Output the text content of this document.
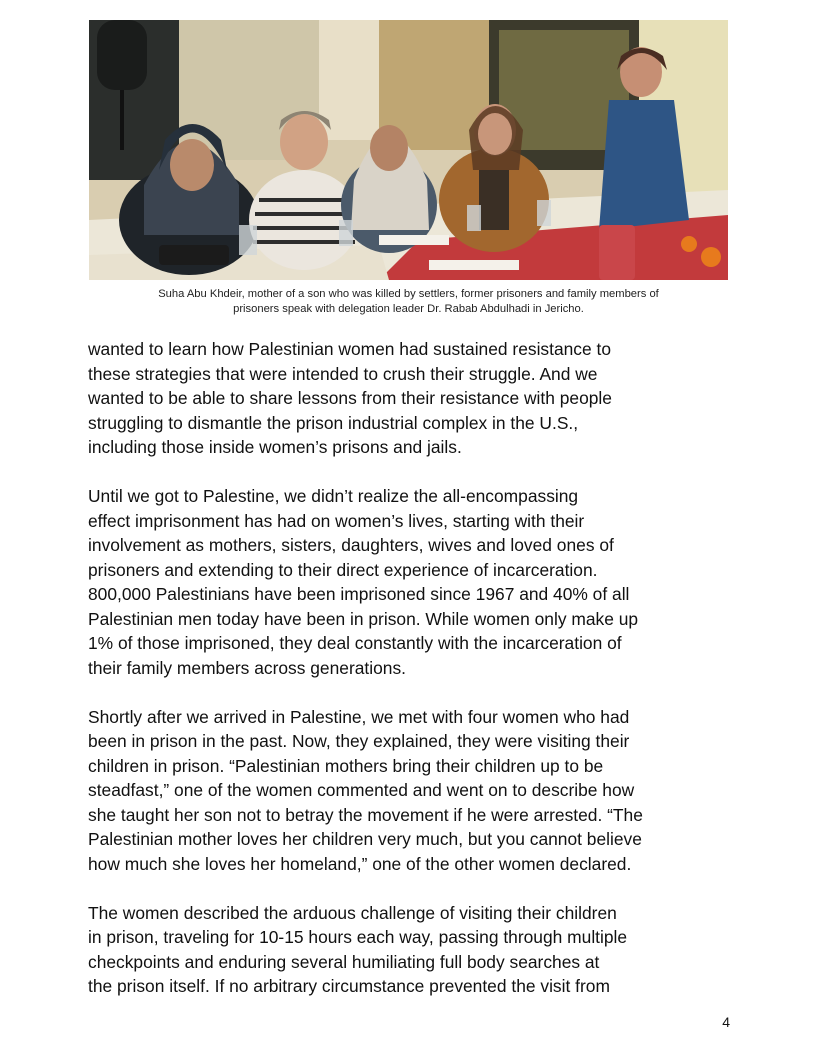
Suha Abu Khdeir, mother of a son who was killed by settlers, former prisoners and family members of
prisoners speak with delegation leader Dr. Rabab Abdulhadi in Jericho.

wanted to learn how Palestinian women had sustained resistance to
these strategies that were intended to crush their struggle. And we
wanted to be able to share lessons from their resistance with people
struggling to dismantle the prison industrial complex in the U.S.,
including those inside women’s prisons and jails.

Until we got to Palestine, we didn’t realize the all-encompassing
effect imprisonment has had on women’s lives, starting with their
involvement as mothers, sisters, daughters, wives and loved ones of
prisoners and extending to their direct experience of incarceration.
800,000 Palestinians have been imprisoned since 1967 and 40% of all
Palestinian men today have been in prison. While women only make up
1% of those imprisoned, they deal constantly with the incarceration of
their family members across generations.

Shortly after we arrived in Palestine, we met with four women who had
been in prison in the past. Now, they explained, they were visiting their
children in prison. “Palestinian mothers bring their children up to be
steadfast,” one of the women commented and went on to describe how
she taught her son not to betray the movement if he were arrested. “The
Palestinian mother loves her children very much, but you cannot believe
how much she loves her homeland,” one of the other women declared.

The women described the arduous challenge of visiting their children
in prison, traveling for 10-15 hours each way, passing through multiple
checkpoints and enduring several humiliating full body searches at
the prison itself. If no arbitrary circumstance prevented the visit from

4
